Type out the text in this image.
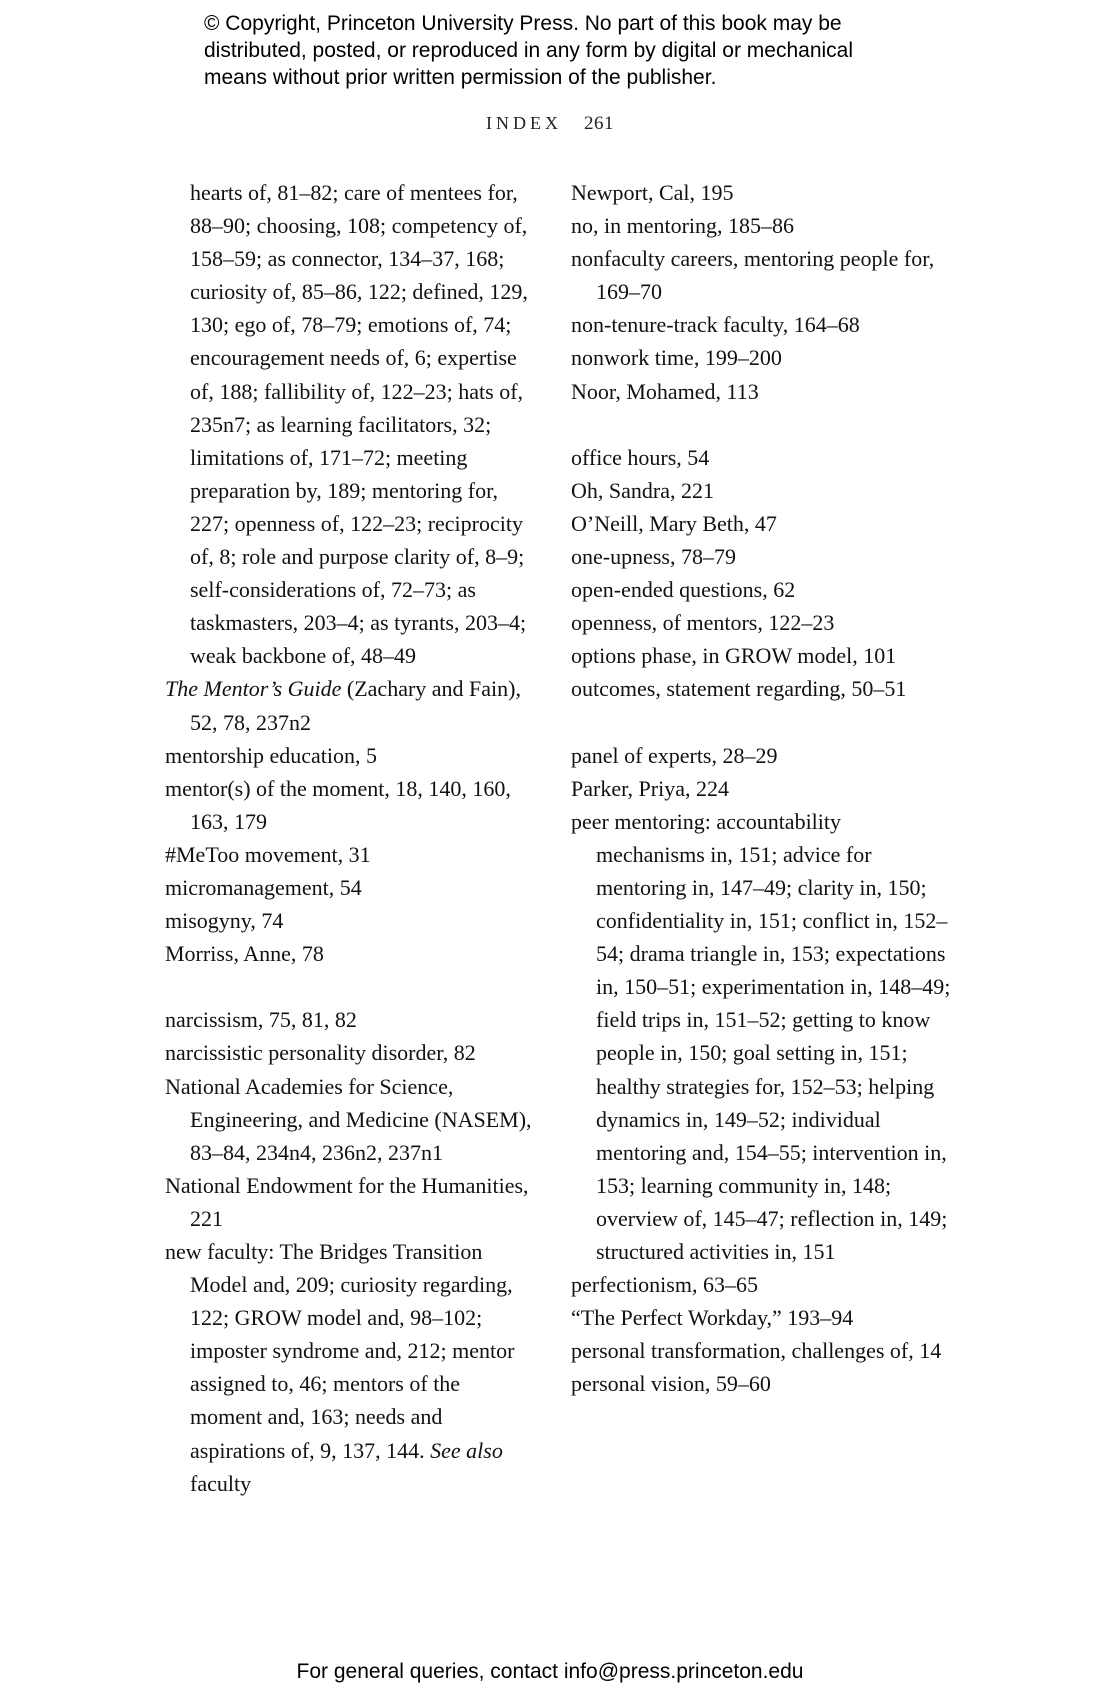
© Copyright, Princeton University Press. No part of this book may be
distributed, posted, or reproduced in any form by digital or mechanical
means without prior written permission of the publisher.
INDEX 261
hearts of, 81–82; care of mentees for, 88–90; choosing, 108; competency of, 158–59; as connector, 134–37, 168; curiosity of, 85–86, 122; defined, 129, 130; ego of, 78–79; emotions of, 74; encouragement needs of, 6; expertise of, 188; fallibility of, 122–23; hats of, 235n7; as learning facilitators, 32; limitations of, 171–72; meeting preparation by, 189; mentoring for, 227; openness of, 122–23; reciprocity of, 8; role and purpose clarity of, 8–9; self-considerations of, 72–73; as taskmasters, 203–4; as tyrants, 203–4; weak backbone of, 48–49
The Mentor’s Guide (Zachary and Fain), 52, 78, 237n2
mentorship education, 5
mentor(s) of the moment, 18, 140, 160, 163, 179
#MeToo movement, 31
micromanagement, 54
misogyny, 74
Morriss, Anne, 78
narcissism, 75, 81, 82
narcissistic personality disorder, 82
National Academies for Science, Engineering, and Medicine (NASEM), 83–84, 234n4, 236n2, 237n1
National Endowment for the Humanities, 221
new faculty: The Bridges Transition Model and, 209; curiosity regarding, 122; GROW model and, 98–102; imposter syndrome and, 212; mentor assigned to, 46; mentors of the moment and, 163; needs and aspirations of, 9, 137, 144. See also faculty
Newport, Cal, 195
no, in mentoring, 185–86
nonfaculty careers, mentoring people for, 169–70
non-tenure-track faculty, 164–68
nonwork time, 199–200
Noor, Mohamed, 113
office hours, 54
Oh, Sandra, 221
O’Neill, Mary Beth, 47
one-upness, 78–79
open-ended questions, 62
openness, of mentors, 122–23
options phase, in GROW model, 101
outcomes, statement regarding, 50–51
panel of experts, 28–29
Parker, Priya, 224
peer mentoring: accountability mechanisms in, 151; advice for mentoring in, 147–49; clarity in, 150; confidentiality in, 151; conflict in, 152–54; drama triangle in, 153; expectations in, 150–51; experimentation in, 148–49; field trips in, 151–52; getting to know people in, 150; goal setting in, 151; healthy strategies for, 152–53; helping dynamics in, 149–52; individual mentoring and, 154–55; intervention in, 153; learning community in, 148; overview of, 145–47; reflection in, 149; structured activities in, 151
perfectionism, 63–65
“The Perfect Workday,” 193–94
personal transformation, challenges of, 14
personal vision, 59–60
For general queries, contact info@press.princeton.edu
